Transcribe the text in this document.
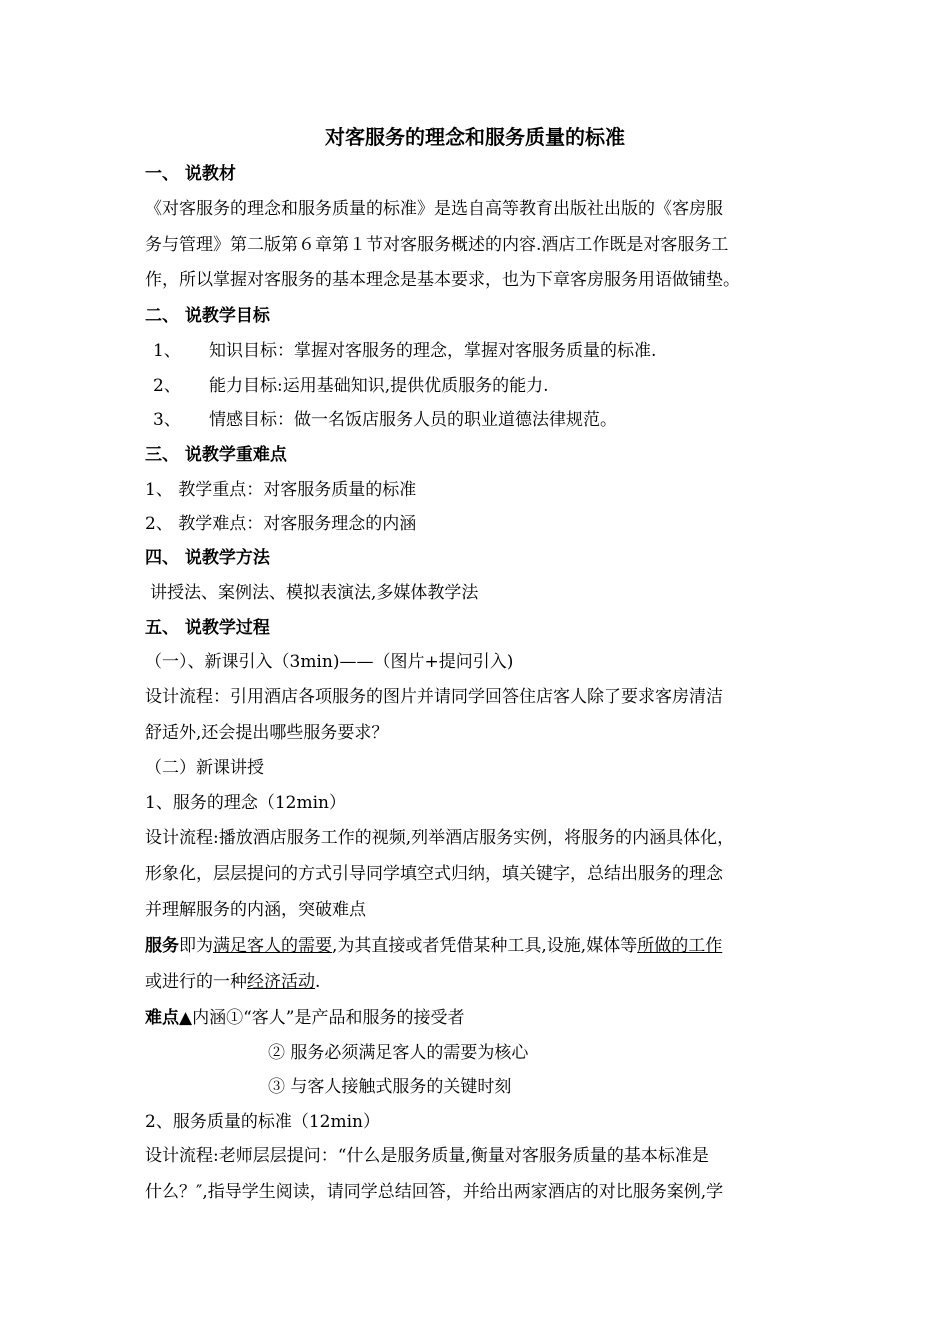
对客服务的理念和服务质量的标准
一、 说教材
《对客服务的理念和服务质量的标准》是选自高等教育出版社出版的《客房服
务与管理》第二版第６章第１节对客服务概述的内容.酒店工作既是对客服务工
作，所以掌握对客服务的基本理念是基本要求，也为下章客房服务用语做铺垫。
二、 说教学目标
1、 知识目标：掌握对客服务的理念，掌握对客服务质量的标准.
2、 能力目标:运用基础知识,提供优质服务的能力.
3、 情感目标：做一名饭店服务人员的职业道德法律规范。
三、 说教学重难点
1、 教学重点：对客服务质量的标准
2、 教学难点：对客服务理念的内涵
四、 说教学方法
讲授法、案例法、模拟表演法,多媒体教学法
五、 说教学过程
（一）、新课引入（3min)——（图片+提问引入)
设计流程：引用酒店各项服务的图片并请同学回答住店客人除了要求客房清洁
舒适外,还会提出哪些服务要求？
（二）新课讲授
1、服务的理念（12min）
设计流程:播放酒店服务工作的视频,列举酒店服务实例，将服务的内涵具体化，
形象化，层层提问的方式引导同学填空式归纳，填关键字，总结出服务的理念
并理解服务的内涵，突破难点
服务即为满足客人的需要,为其直接或者凭借某种工具,设施,媒体等所做的工作
或进行的一种经济活动.
难点▲内涵①“客人”是产品和服务的接受者
② 服务必须满足客人的需要为核心
③ 与客人接触式服务的关键时刻
2、服务质量的标准（12min）
设计流程:老师层层提问：“什么是服务质量,衡量对客服务质量的基本标准是
什么？″,指导学生阅读，请同学总结回答，并给出两家酒店的对比服务案例,学
